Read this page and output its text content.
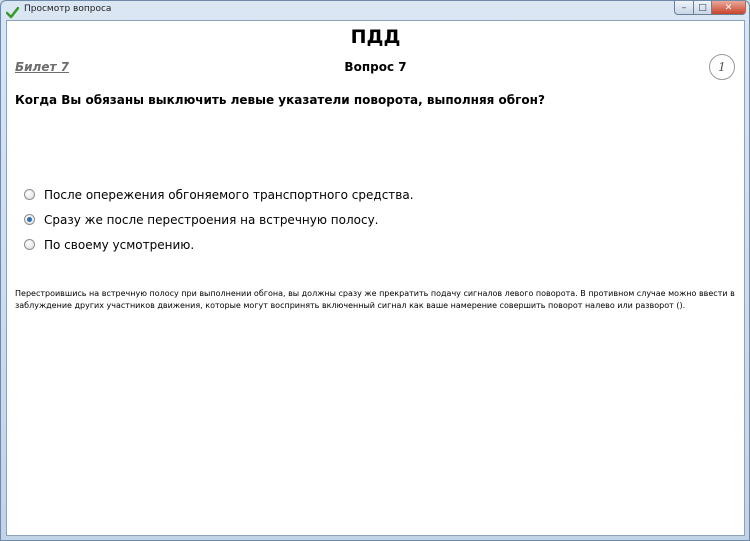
Просмотр вопроса	–	□	✕
ПДД
Билет 7	Вопрос 7	1
Когда Вы обязаны выключить левые указатели поворота, выполняя обгон?
После опережения обгоняемого транспортного средства.
Сразу же после перестроения на встречную полосу.
По своему усмотрению.
Перестроившись на встречную полосу при выполнении обгона, вы должны сразу же прекратить подачу сигналов левого поворота. В противном случае можно ввести в заблуждение других участников движения, которые могут воспринять включенный сигнал как ваше намерение совершить поворот налево или разворот ().
